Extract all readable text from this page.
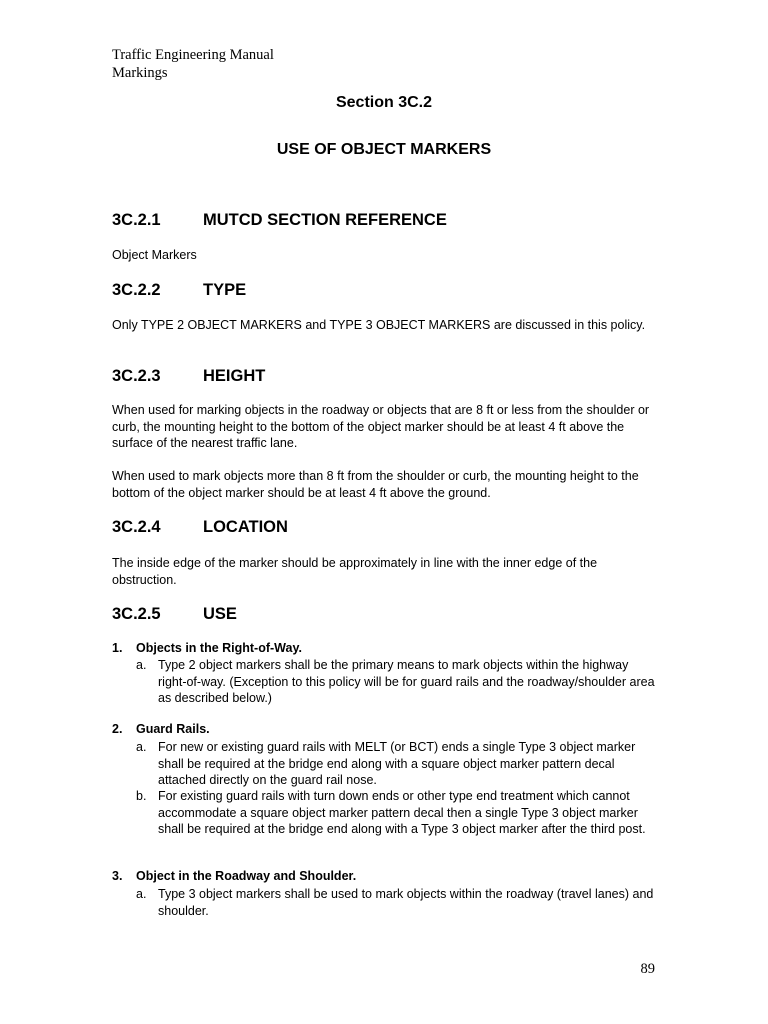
Traffic Engineering Manual
Markings
Section 3C.2
USE OF OBJECT MARKERS
3C.2.1	MUTCD SECTION REFERENCE
Object Markers
3C.2.2	TYPE
Only TYPE 2 OBJECT MARKERS and TYPE 3 OBJECT MARKERS are discussed in this policy.
3C.2.3	HEIGHT
When used for marking objects in the roadway or objects that are 8 ft or less from the shoulder or curb, the mounting height to the bottom of the object marker should be at least 4 ft above the surface of the nearest traffic lane.
When used to mark objects more than 8 ft from the shoulder or curb, the mounting height to the bottom of the object marker should be at least 4 ft above the ground.
3C.2.4	LOCATION
The inside edge of the marker should be approximately in line with the inner edge of the obstruction.
3C.2.5	USE
1. Objects in the Right-of-Way.
a. Type 2 object markers shall be the primary means to mark objects within the highway right-of-way. (Exception to this policy will be for guard rails and the roadway/shoulder area as described below.)
2. Guard Rails.
a. For new or existing guard rails with MELT (or BCT) ends a single Type 3 object marker shall be required at the bridge end along with a square object marker pattern decal attached directly on the guard rail nose.
b. For existing guard rails with turn down ends or other type end treatment which cannot accommodate a square object marker pattern decal then a single Type 3 object marker shall be required at the bridge end along with a Type 3 object marker after the third post.
3. Object in the Roadway and Shoulder.
a. Type 3 object markers shall be used to mark objects within the roadway (travel lanes) and shoulder.
89
